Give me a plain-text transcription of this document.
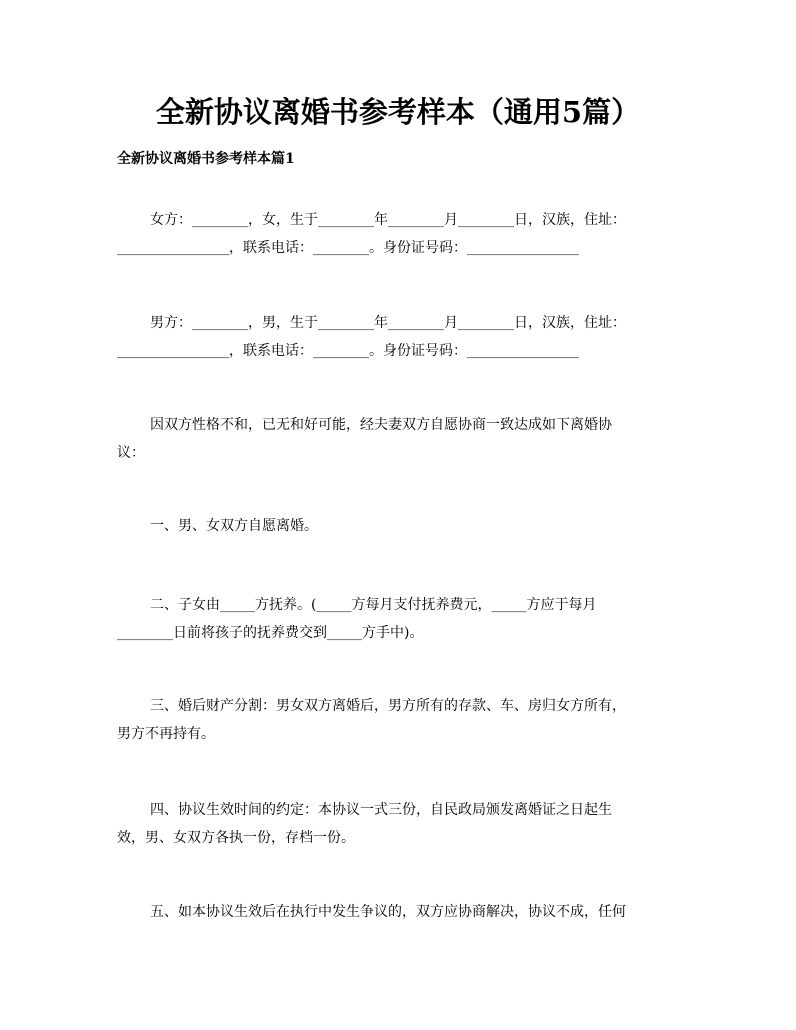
全新协议离婚书参考样本（通用5篇）
全新协议离婚书参考样本篇1
女方：________，女，生于________年________月________日，汉族，住址：
________________，联系电话：________。身份证号码：________________
男方：________，男，生于________年________月________日，汉族，住址：
________________，联系电话：________。身份证号码：________________
因双方性格不和，已无和好可能，经夫妻双方自愿协商一致达成如下离婚协
议：
一、男、女双方自愿离婚。
二、子女由_____方抚养。(_____方每月支付抚养费元，_____方应于每月
________日前将孩子的抚养费交到_____方手中)。
三、婚后财产分割：男女双方离婚后，男方所有的存款、车、房归女方所有，
男方不再持有。
四、协议生效时间的约定：本协议一式三份，自民政局颁发离婚证之日起生
效，男、女双方各执一份，存档一份。
五、如本协议生效后在执行中发生争议的，双方应协商解决，协议不成，任何
